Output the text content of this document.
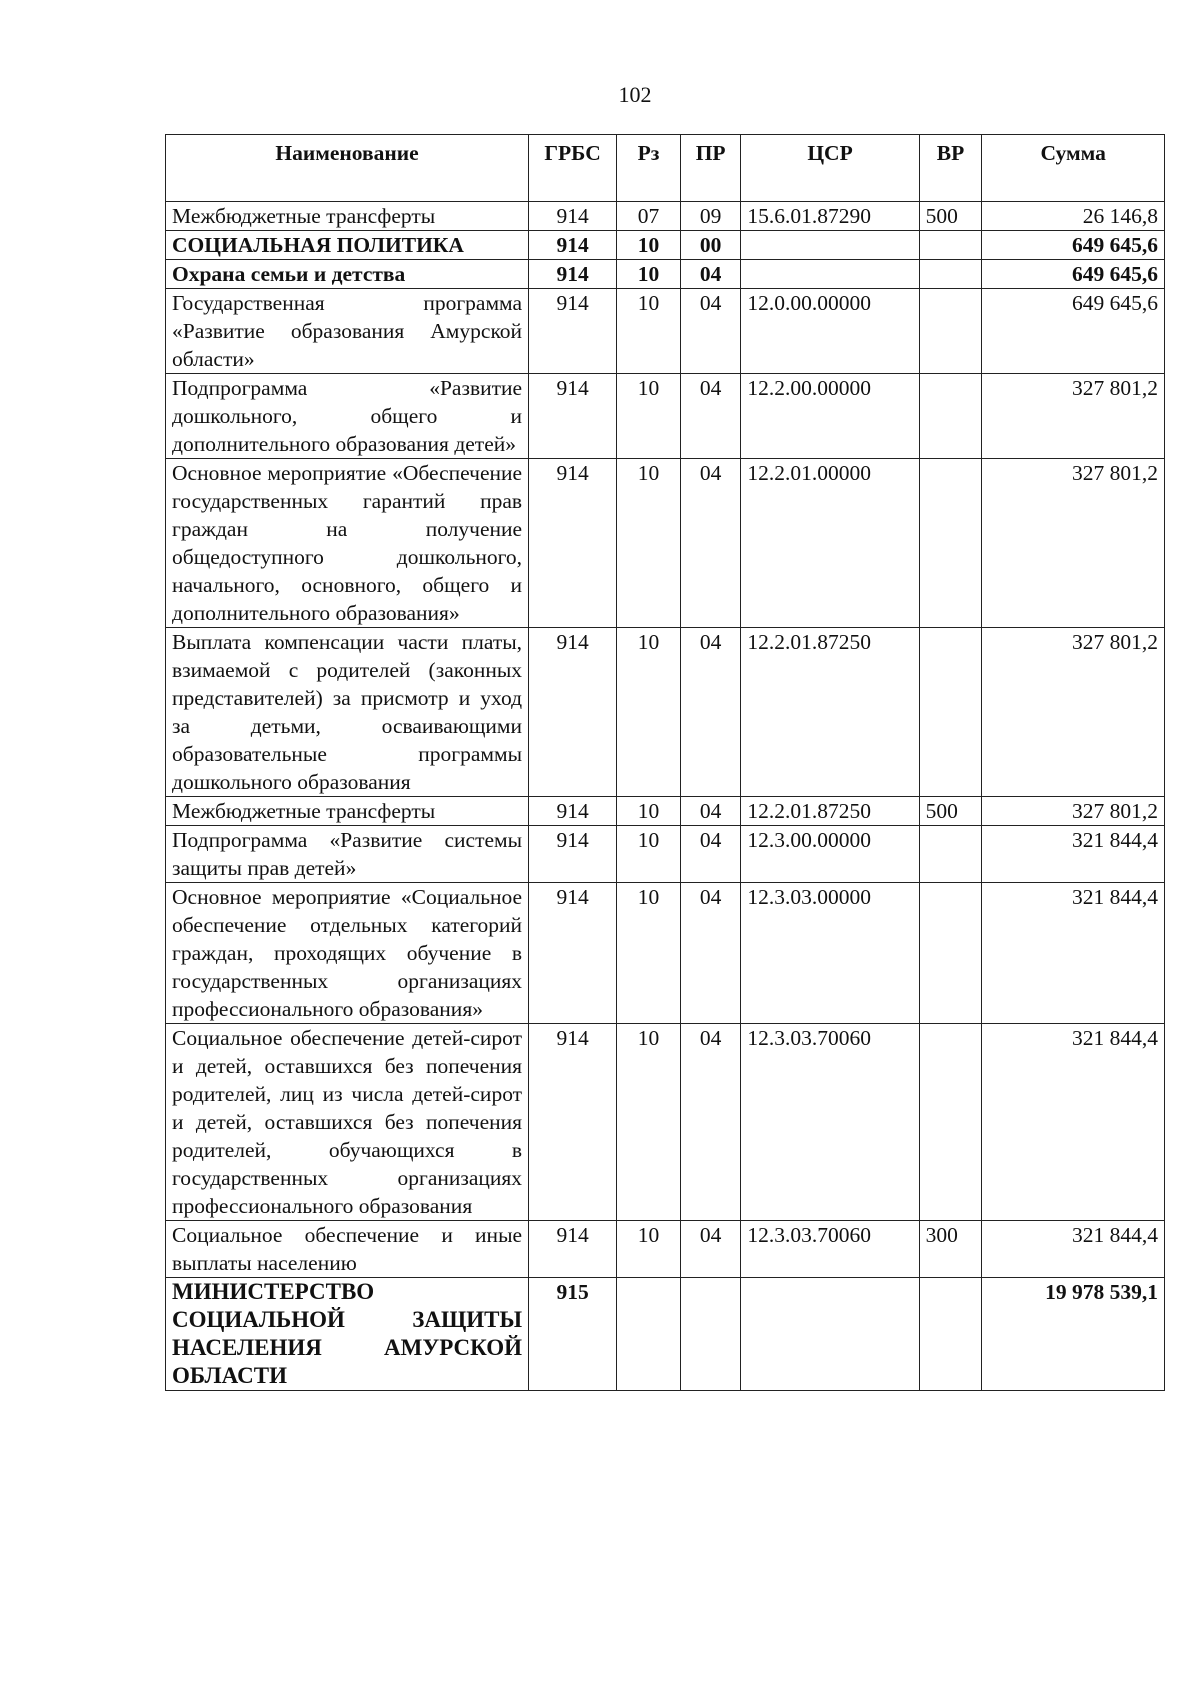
102
Наименование	ГРБС	Рз	ПР	ЦСР	ВР	Сумма
Межбюджетные трансферты	914	07	09	15.6.01.87290	500	26 146,8
СОЦИАЛЬНАЯ ПОЛИТИКА	914	10	00			649 645,6
Охрана семьи и детства	914	10	04			649 645,6
Государственная программа «Развитие образования Амурской области»	914	10	04	12.0.00.00000		649 645,6
Подпрограмма «Развитие дошкольного, общего и дополнительного образования детей»	914	10	04	12.2.00.00000		327 801,2
Основное мероприятие «Обеспечение государственных гарантий прав граждан на получение общедоступного дошкольного, начального, основного, общего и дополнительного образования»	914	10	04	12.2.01.00000		327 801,2
Выплата компенсации части платы, взимаемой с родителей (законных представителей) за присмотр и уход за детьми, осваивающими образовательные программы дошкольного образования	914	10	04	12.2.01.87250		327 801,2
Межбюджетные трансферты	914	10	04	12.2.01.87250	500	327 801,2
Подпрограмма «Развитие системы защиты прав детей»	914	10	04	12.3.00.00000		321 844,4
Основное мероприятие «Социальное обеспечение отдельных категорий граждан, проходящих обучение в государственных организациях профессионального образования»	914	10	04	12.3.03.00000		321 844,4
Социальное обеспечение детей-сирот и детей, оставшихся без попечения родителей, лиц из числа детей-сирот и детей, оставшихся без попечения родителей, обучающихся в государственных организациях профессионального образования	914	10	04	12.3.03.70060		321 844,4
Социальное обеспечение и иные выплаты населению	914	10	04	12.3.03.70060	300	321 844,4
МИНИСТЕРСТВО СОЦИАЛЬНОЙ ЗАЩИТЫ НАСЕЛЕНИЯ АМУРСКОЙ ОБЛАСТИ	915					19 978 539,1
